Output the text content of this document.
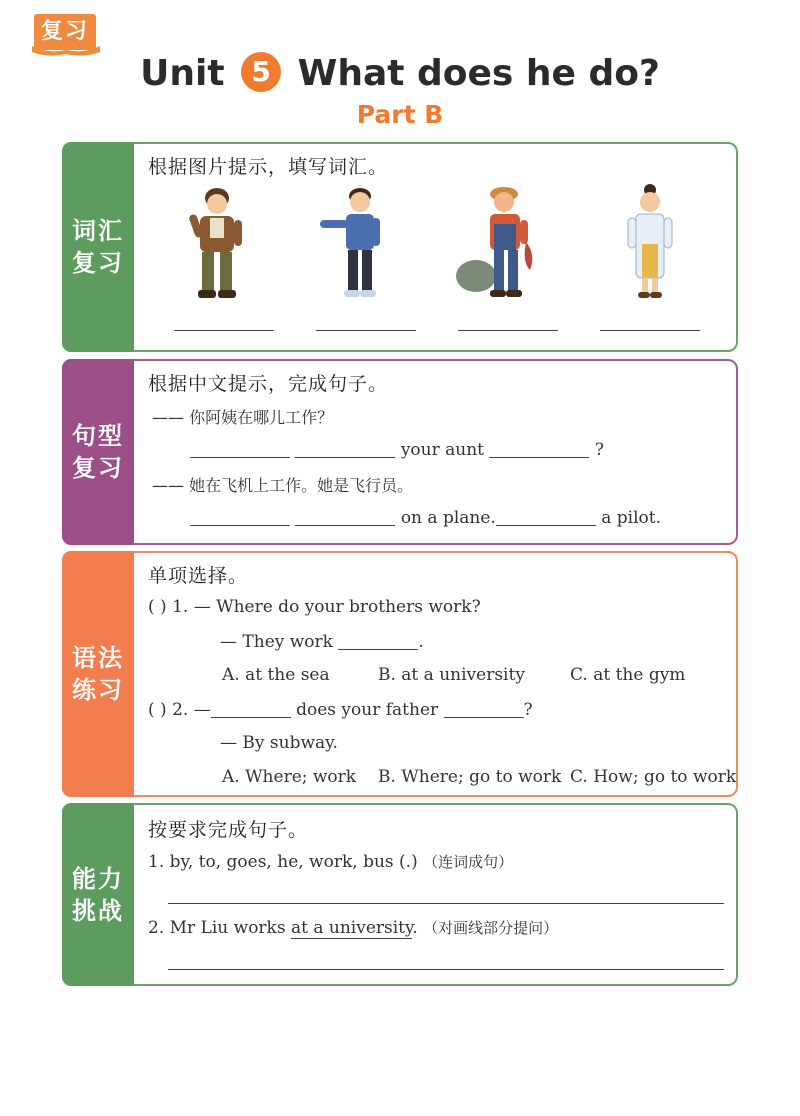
复习
Unit 5 What does he do?
Part B
词汇复习
根据图片提示，填写词汇。
句型复习
根据中文提示，完成句子。
—— 你阿姨在哪儿工作？
your aunt	?
—— 她在飞机上工作。她是飞行员。
on a plane.	a pilot.
语法练习
单项选择。
( ) 1. — Where do your brothers work?
— They work	.
A. at the sea	B. at a university	C. at the gym
( ) 2. —	does your father	?
— By subway.
A. Where; work B. Where; go to work C. How; go to work
能力挑战
按要求完成句子。
1. by, to, goes, he, work, bus (.) （连词成句）
2. Mr Liu works at a university. （对画线部分提问）
